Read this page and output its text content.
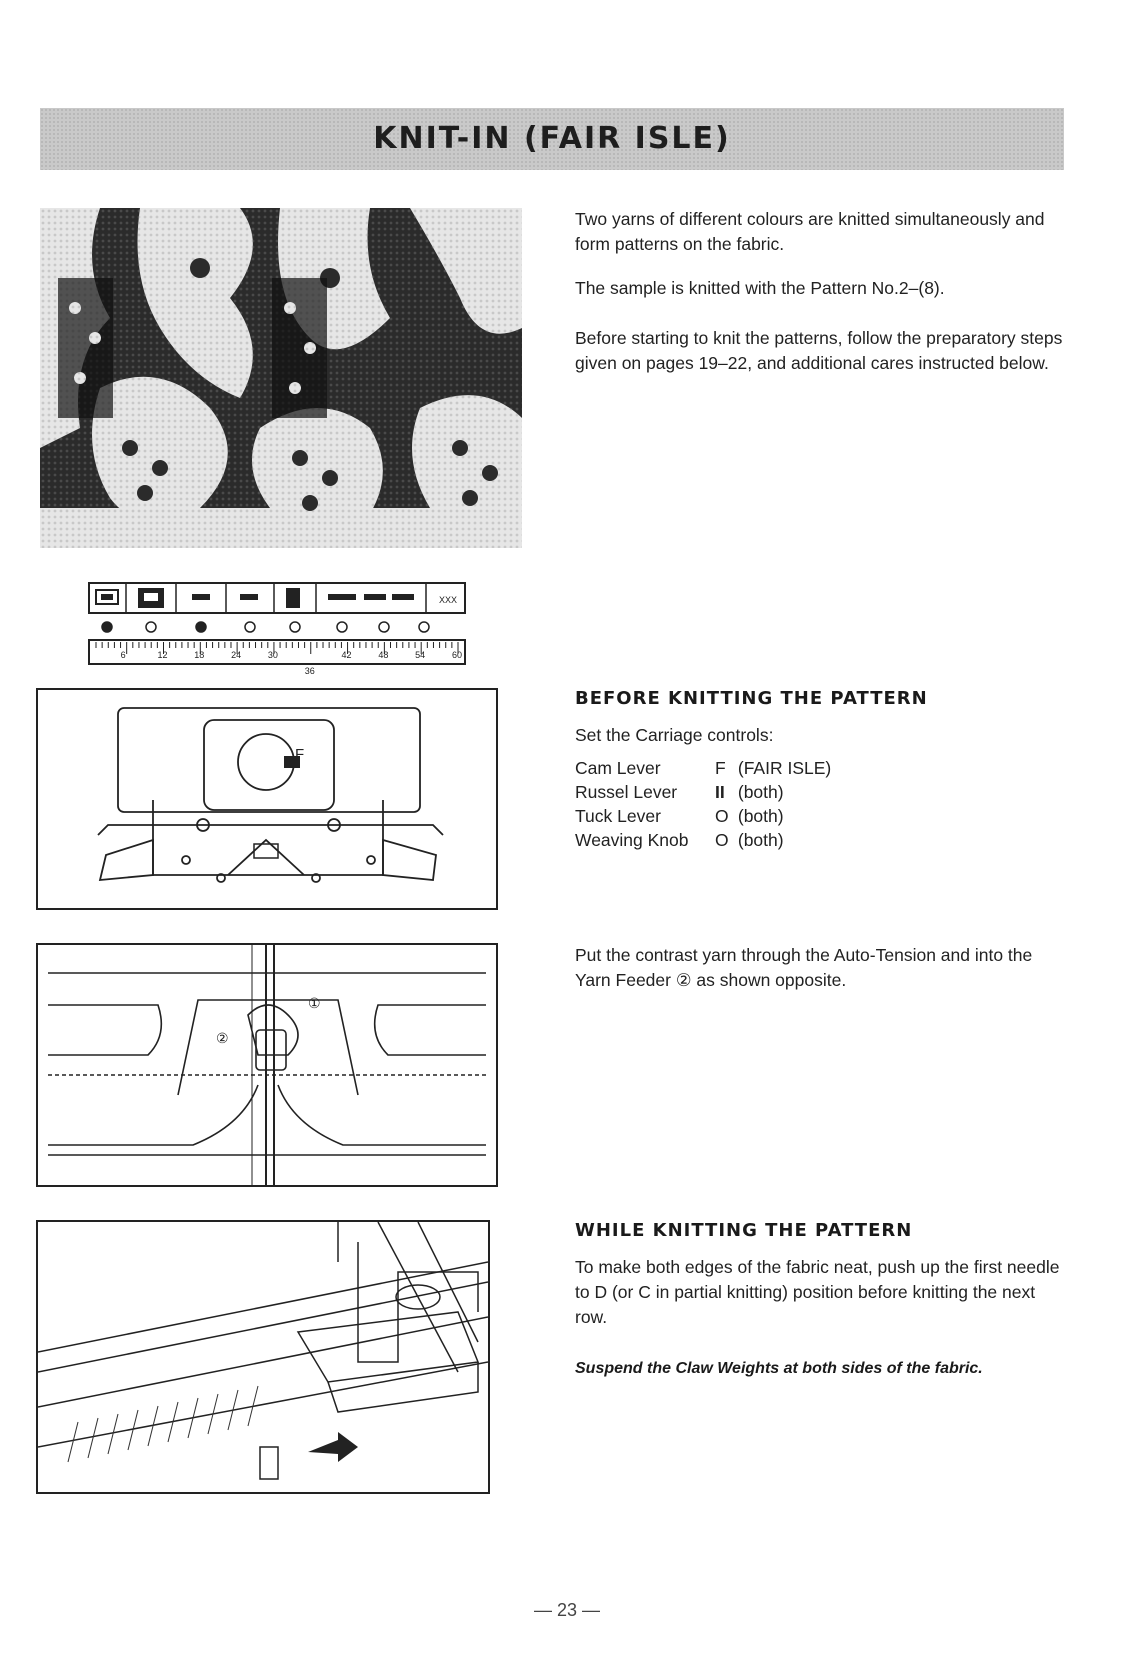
KNIT-IN (FAIR ISLE)
Two yarns of different colours are knitted simultaneously and form patterns on the fabric.
The sample is knitted with the Pattern No.2–(8).
Before starting to knit the patterns, follow the preparatory steps given on pages 19–22, and additional cares instructed below.
XXX
6	12	18	24	30
36
42	48	54	60
F
BEFORE KNITTING THE PATTERN
Set the Carriage controls:
Cam Lever	F (FAIR ISLE)
Russel Lever II (both)
Tuck Lever	O (both)
Weaving Knob O (both)
①
②
Put the contrast yarn through the Auto-Tension and into the Yarn Feeder ② as shown opposite.
WHILE KNITTING THE PATTERN
To make both edges of the fabric neat, push up the first needle to D (or C in partial knitting) position before knitting the next row.
Suspend the Claw Weights at both sides of the fabric.
— 23 —
